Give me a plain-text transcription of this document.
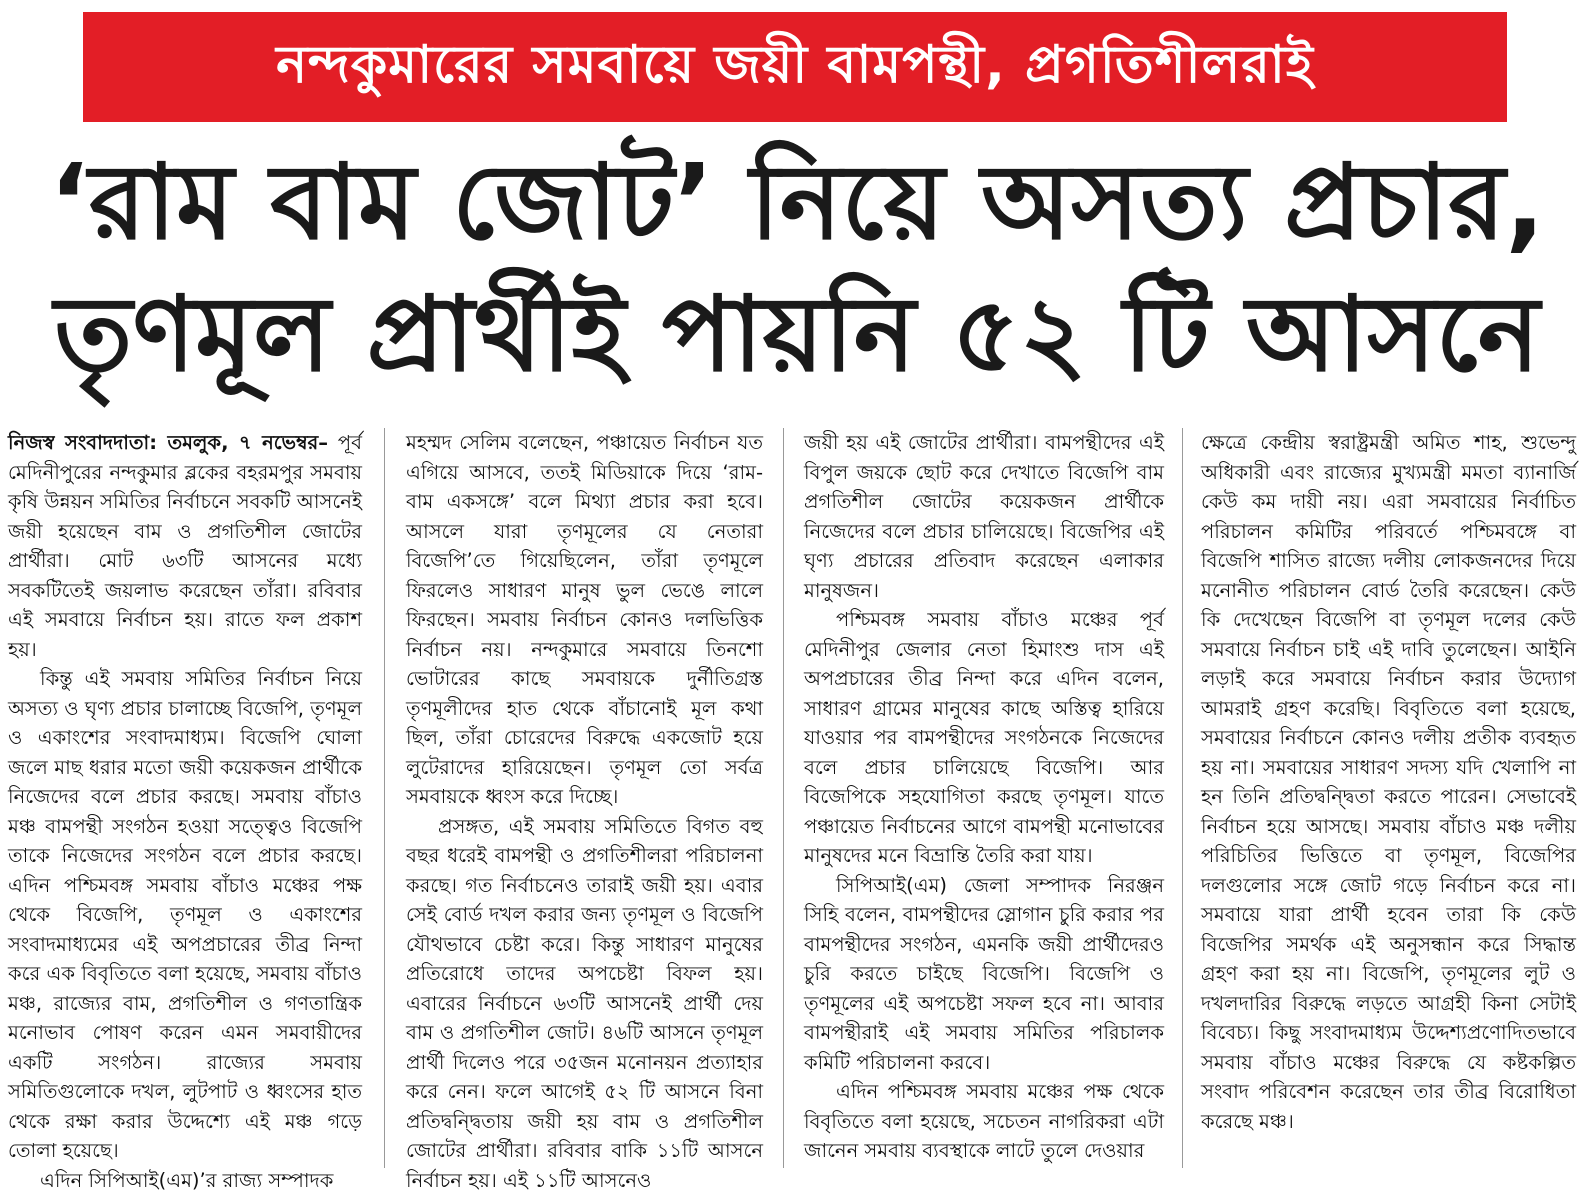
নন্দকুমারের সমবায়ে জয়ী বামপন্থী, প্রগতিশীলরাই
‘রাম বাম জোট’ নিয়ে অসত্য প্রচার,
তৃণমূল প্রার্থীই পায়নি ৫২ টি আসনে

নিজস্ব সংবাদদাতা: তমলুক, ৭ নভেম্বর– পূর্ব মেদিনীপুরের নন্দকুমার ব্লকের বহরমপুর সমবায় কৃষি উন্নয়ন সমিতির নির্বাচনে সবকটি আসনেই জয়ী হয়েছেন বাম ও প্রগতিশীল জোটের প্রার্থীরা। মোট ৬৩টি আসনের মধ্যে সবকটিতেই জয়লাভ করেছেন তাঁরা। রবিবার এই সমবায়ে নির্বাচন হয়। রাতে ফল প্রকাশ হয়।

কিন্তু এই সমবায় সমিতির নির্বাচন নিয়ে অসত্য ও ঘৃণ্য প্রচার চালাচ্ছে বিজেপি, তৃণমূল ও একাংশের সংবাদমাধ্যম। বিজেপি ঘোলা জলে মাছ ধরার মতো জয়ী কয়েকজন প্রার্থীকে নিজেদের বলে প্রচার করছে। সমবায় বাঁচাও মঞ্চ বামপন্থী সংগঠন হওয়া সত্ত্বেও বিজেপি তাকে নিজেদের সংগঠন বলে প্রচার করছে। এদিন পশ্চিমবঙ্গ সমবায় বাঁচাও মঞ্চের পক্ষ থেকে বিজেপি, তৃণমূল ও একাংশের সংবাদমাধ্যমের এই অপপ্রচারের তীব্র নিন্দা করে এক বিবৃতিতে বলা হয়েছে, সমবায় বাঁচাও মঞ্চ, রাজ্যের বাম, প্রগতিশীল ও গণতান্ত্রিক মনোভাব পোষণ করেন এমন সমবায়ীদের একটি সংগঠন। রাজ্যের সমবায় সমিতিগুলোকে দখল, লুটপাট ও ধ্বংসের হাত থেকে রক্ষা করার উদ্দেশ্যে এই মঞ্চ গড়ে তোলা হয়েছে।

এদিন সিপিআই(এম)’র রাজ্য সম্পাদক

মহম্মদ সেলিম বলেছেন, পঞ্চায়েত নির্বাচন যত এগিয়ে আসবে, ততই মিডিয়াকে দিয়ে ‘রাম-বাম একসঙ্গে’ বলে মিথ্যা প্রচার করা হবে। আসলে যারা তৃণমূলের যে নেতারা বিজেপি’তে গিয়েছিলেন, তাঁরা তৃণমূলে ফিরলেও সাধারণ মানুষ ভুল ভেঙে লালে ফিরছেন। সমবায় নির্বাচন কোনও দলভিত্তিক নির্বাচন নয়। নন্দকুমারে সমবায়ে তিনশো ভোটারের কাছে সমবায়কে দুর্নীতিগ্রস্ত তৃণমূলীদের হাত থেকে বাঁচানোই মূল কথা ছিল, তাঁরা চোরেদের বিরুদ্ধে একজোট হয়ে লুটেরাদের হারিয়েছেন। তৃণমূল তো সর্বত্র সমবায়কে ধ্বংস করে দিচ্ছে।

প্রসঙ্গত, এই সমবায় সমিতিতে বিগত বহু বছর ধরেই বামপন্থী ও প্রগতিশীলরা পরিচালনা করছে। গত নির্বাচনেও তারাই জয়ী হয়। এবার সেই বোর্ড দখল করার জন্য তৃণমূল ও বিজেপি যৌথভাবে চেষ্টা করে। কিন্তু সাধারণ মানুষের প্রতিরোধে তাদের অপচেষ্টা বিফল হয়। এবারের নির্বাচনে ৬৩টি আসনেই প্রার্থী দেয় বাম ও প্রগতিশীল জোট। ৪৬টি আসনে তৃণমূল প্রার্থী দিলেও পরে ৩৫জন মনোনয়ন প্রত্যাহার করে নেন। ফলে আগেই ৫২ টি আসনে বিনা প্রতিদ্বন্দ্বিতায় জয়ী হয় বাম ও প্রগতিশীল জোটের প্রার্থীরা। রবিবার বাকি ১১টি আসনে নির্বাচন হয়। এই ১১টি আসনেও

জয়ী হয় এই জোটের প্রার্থীরা। বামপন্থীদের এই বিপুল জয়কে ছোট করে দেখাতে বিজেপি বাম প্রগতিশীল জোটের কয়েকজন প্রার্থীকে নিজেদের বলে প্রচার চালিয়েছে। বিজেপির এই ঘৃণ্য প্রচারের প্রতিবাদ করেছেন এলাকার মানুষজন।

পশ্চিমবঙ্গ সমবায় বাঁচাও মঞ্চের পূর্ব মেদিনীপুর জেলার নেতা হিমাংশু দাস এই অপপ্রচারের তীব্র নিন্দা করে এদিন বলেন, সাধারণ গ্রামের মানুষের কাছে অস্তিত্ব হারিয়ে যাওয়ার পর বামপন্থীদের সংগঠনকে নিজেদের বলে প্রচার চালিয়েছে বিজেপি। আর বিজেপিকে সহযোগিতা করছে তৃণমূল। যাতে পঞ্চায়েত নির্বাচনের আগে বামপন্থী মনোভাবের মানুষদের মনে বিভ্রান্তি তৈরি করা যায়।

সিপিআই(এম) জেলা সম্পাদক নিরঞ্জন সিহি বলেন, বামপন্থীদের স্লোগান চুরি করার পর বামপন্থীদের সংগঠন, এমনকি জয়ী প্রার্থীদেরও চুরি করতে চাইছে বিজেপি। বিজেপি ও তৃণমূলের এই অপচেষ্টা সফল হবে না। আবার বামপন্থীরাই এই সমবায় সমিতির পরিচালক কমিটি পরিচালনা করবে।

এদিন পশ্চিমবঙ্গ সমবায় মঞ্চের পক্ষ থেকে বিবৃতিতে বলা হয়েছে, সচেতন নাগরিকরা এটা জানেন সমবায় ব্যবস্থাকে লাটে তুলে দেওয়ার

ক্ষেত্রে কেন্দ্রীয় স্বরাষ্ট্রমন্ত্রী অমিত শাহ, শুভেন্দু অধিকারী এবং রাজ্যের মুখ্যমন্ত্রী মমতা ব্যানার্জি কেউ কম দায়ী নয়। এরা সমবায়ের নির্বাচিত পরিচালন কমিটির পরিবর্তে পশ্চিমবঙ্গে বা বিজেপি শাসিত রাজ্যে দলীয় লোকজনদের দিয়ে মনোনীত পরিচালন বোর্ড তৈরি করেছেন। কেউ কি দেখেছেন বিজেপি বা তৃণমূল দলের কেউ সমবায়ে নির্বাচন চাই এই দাবি তুলেছেন। আইনি লড়াই করে সমবায়ে নির্বাচন করার উদ্যোগ আমরাই গ্রহণ করেছি। বিবৃতিতে বলা হয়েছে, সমবায়ের নির্বাচনে কোনও দলীয় প্রতীক ব্যবহৃত হয় না। সমবায়ের সাধারণ সদস্য যদি খেলাপি না হন তিনি প্রতিদ্বন্দ্বিতা করতে পারেন। সেভাবেই নির্বাচন হয়ে আসছে। সমবায় বাঁচাও মঞ্চ দলীয় পরিচিতির ভিত্তিতে বা তৃণমূল, বিজেপির দলগুলোর সঙ্গে জোট গড়ে নির্বাচন করে না। সমবায়ে যারা প্রার্থী হবেন তারা কি কেউ বিজেপির সমর্থক এই অনুসন্ধান করে সিদ্ধান্ত গ্রহণ করা হয় না। বিজেপি, তৃণমূলের লুট ও দখলদারির বিরুদ্ধে লড়তে আগ্রহী কিনা সেটাই বিবেচ্য। কিছু সংবাদমাধ্যম উদ্দেশ্যপ্রণোদিতভাবে সমবায় বাঁচাও মঞ্চের বিরুদ্ধে যে কষ্টকল্পিত সংবাদ পরিবেশন করেছেন তার তীব্র বিরোধিতা করেছে মঞ্চ।
